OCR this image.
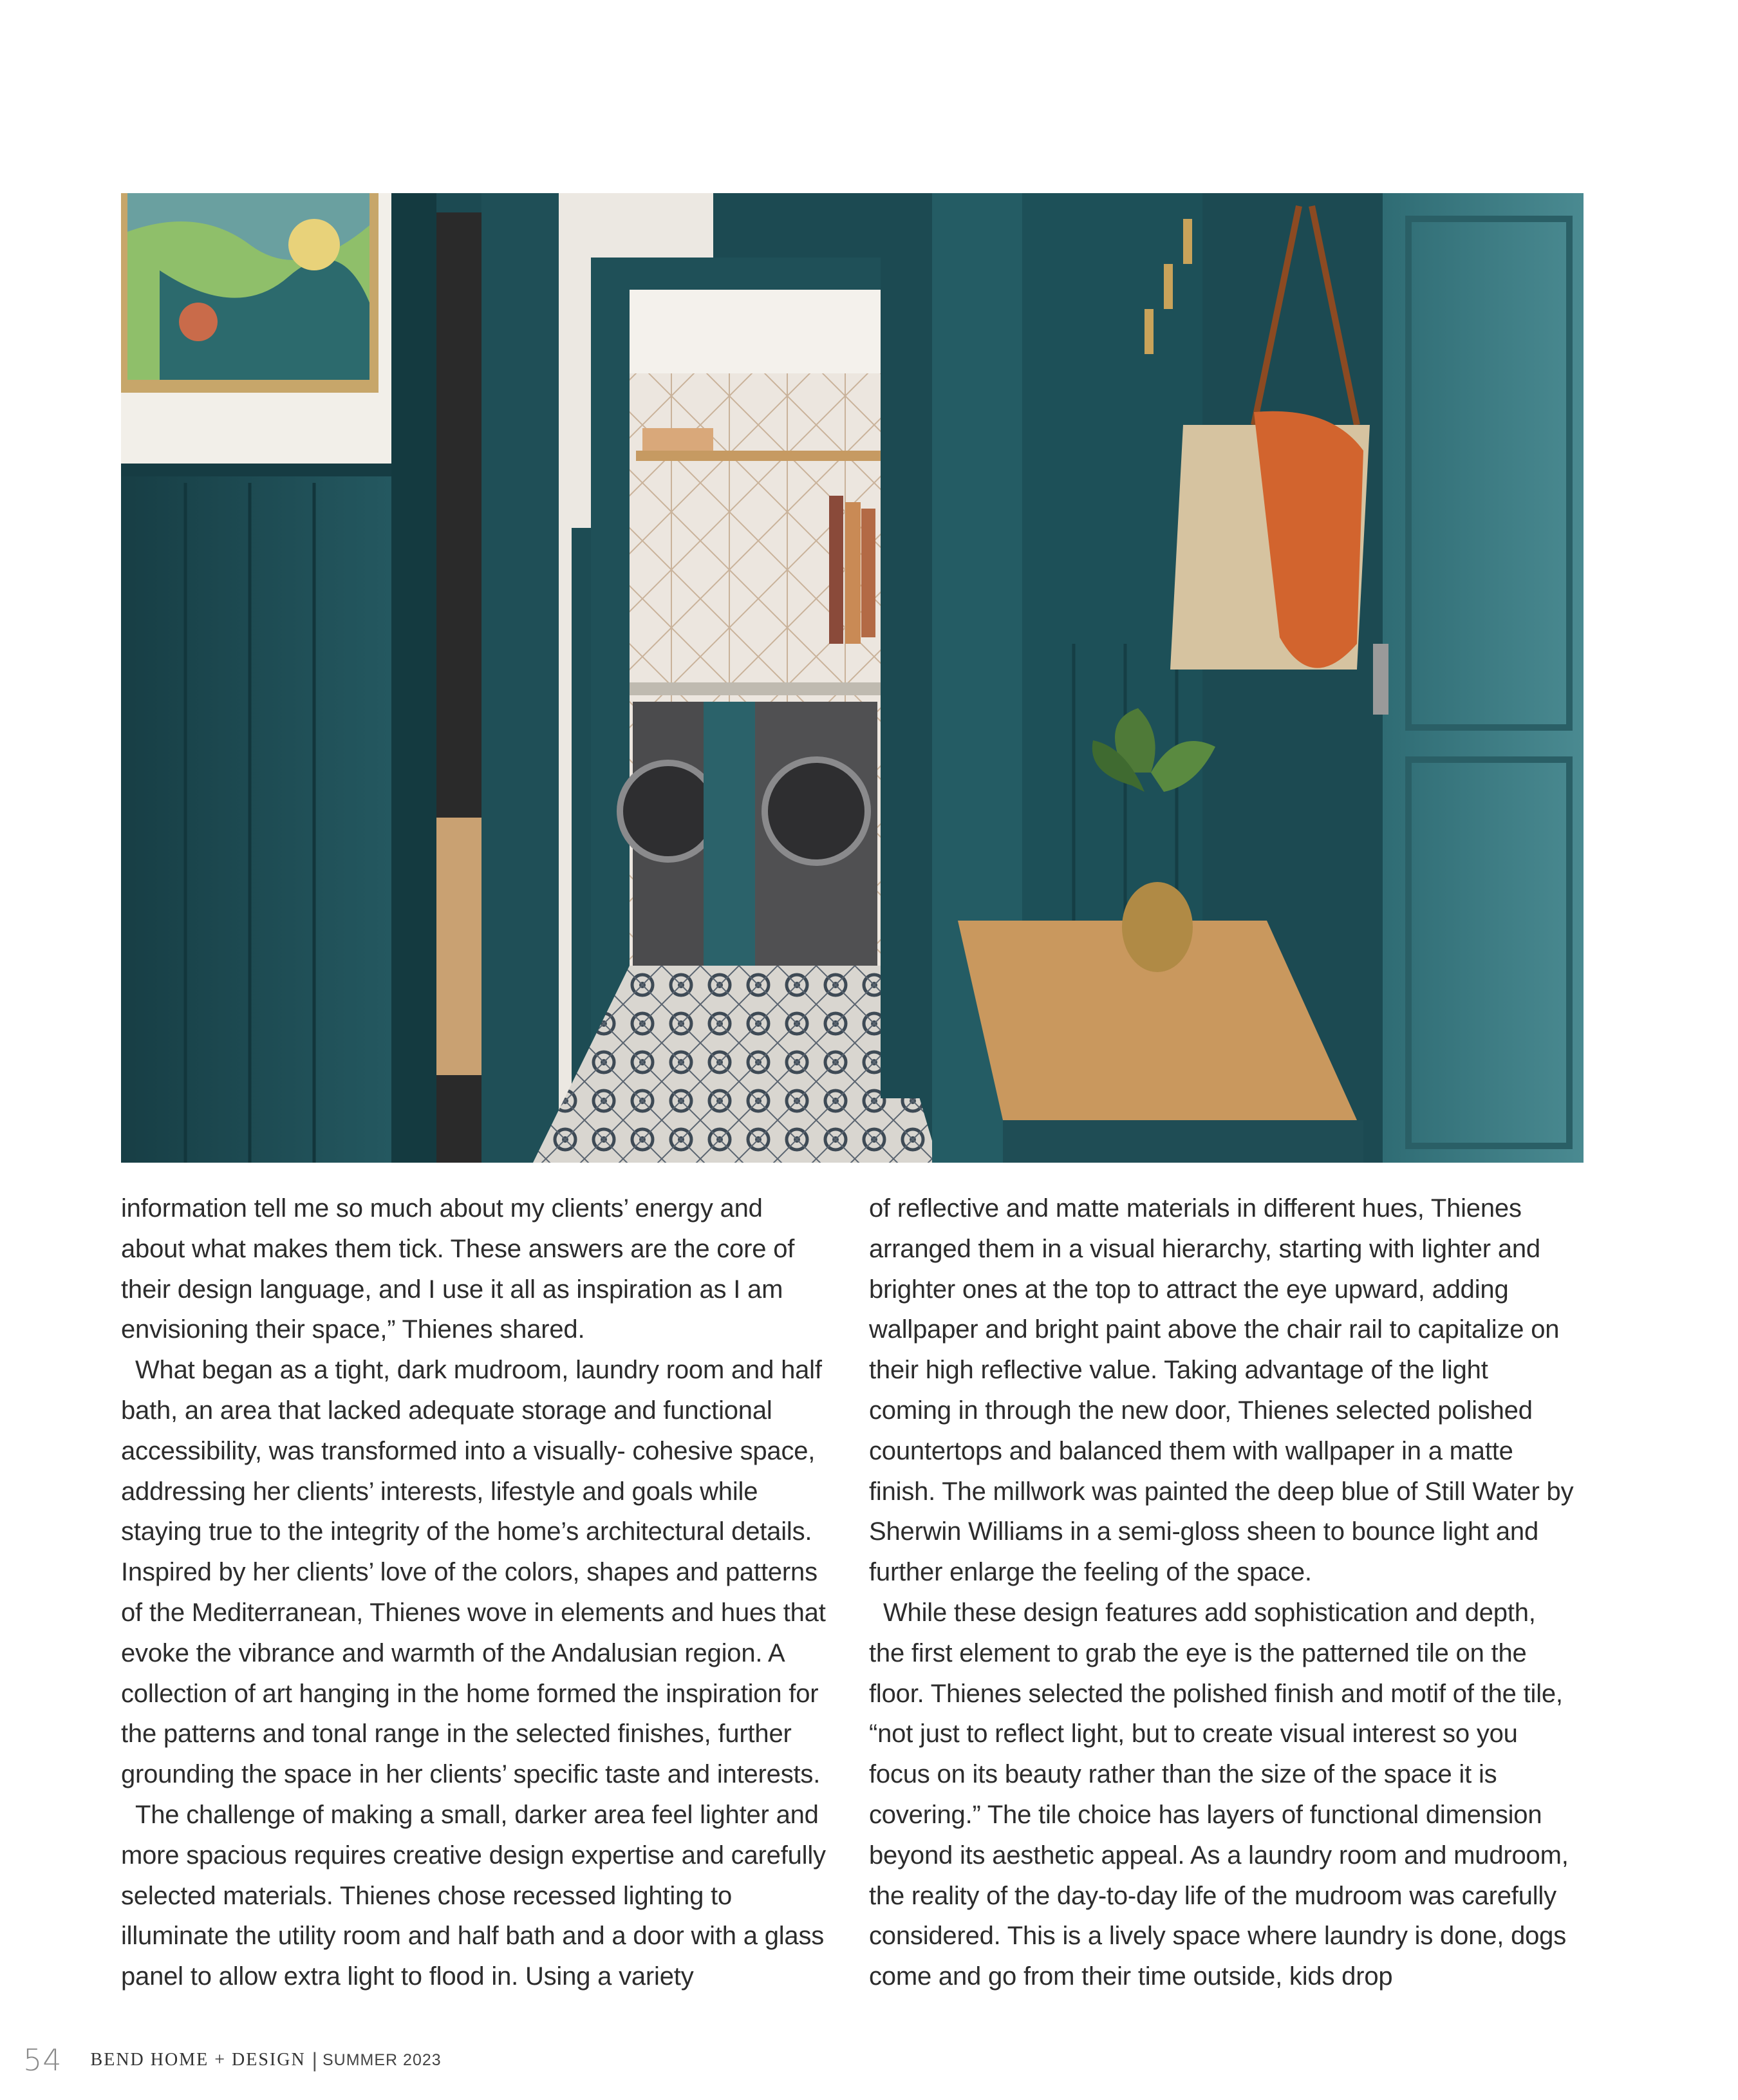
information tell me so much about my clients’ energy and about what makes them tick. These answers are the core of their design language, and I use it all as inspiration as I am envisioning their space,” Thienes shared.

What began as a tight, dark mudroom, laundry room and half bath, an area that lacked adequate storage and functional accessibility, was transformed into a visually- cohesive space, addressing her clients’ interests, lifestyle and goals while staying true to the integrity of the home’s architectural details. Inspired by her clients’ love of the colors, shapes and patterns of the Mediterranean, Thienes wove in elements and hues that evoke the vibrance and warmth of the Andalusian region. A collection of art hanging in the home formed the inspiration for the patterns and tonal range in the selected finishes, further grounding the space in her clients’ specific taste and interests.

The challenge of making a small, darker area feel lighter and more spacious requires creative design expertise and carefully selected materials. Thienes chose recessed lighting to illuminate the utility room and half bath and a door with a glass panel to allow extra light to flood in. Using a variety

of reflective and matte materials in different hues, Thienes arranged them in a visual hierarchy, starting with lighter and brighter ones at the top to attract the eye upward, adding wallpaper and bright paint above the chair rail to capitalize on their high reflective value. Taking advantage of the light coming in through the new door, Thienes selected polished countertops and balanced them with wallpaper in a matte finish. The millwork was painted the deep blue of Still Water by Sherwin Williams in a semi-gloss sheen to bounce light and further enlarge the feeling of the space.

While these design features add sophistication and depth, the first element to grab the eye is the patterned tile on the floor. Thienes selected the polished finish and motif of the tile, “not just to reflect light, but to create visual interest so you focus on its beauty rather than the size of the space it is covering.” The tile choice has layers of functional dimension beyond its aesthetic appeal. As a laundry room and mudroom, the reality of the day-to-day life of the mudroom was carefully considered. This is a lively space where laundry is done, dogs come and go from their time outside, kids drop

54 BEND HOME + DESIGN | SUMMER 2023
